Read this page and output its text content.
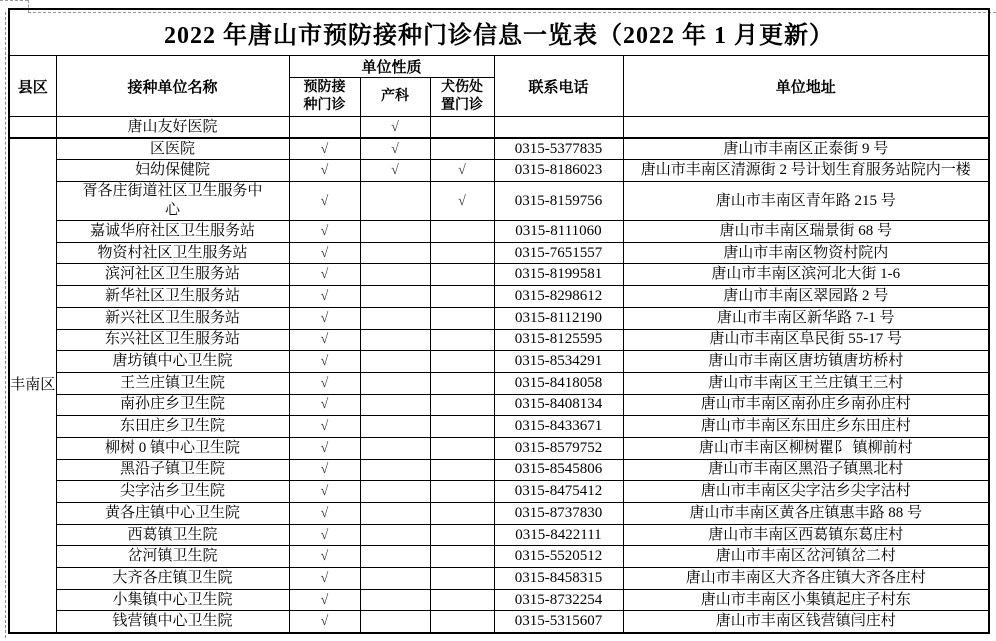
2022 年唐山市预防接种门诊信息一览表（2022 年 1 月更新）						
县区	接种单位名称	单位性质			联系电话	单位地址
		预防接种门诊	产科	犬伤处置门诊		
	唐山友好医院		√			
丰南区	区医院	√	√		0315-5377835	唐山市丰南区正泰街 9 号
	妇幼保健院	√	√	√	0315-8186023	唐山市丰南区清源街 2 号计划生育服务站院内一楼
	胥各庄街道社区卫生服务中心	√		√	0315-8159756	唐山市丰南区青年路 215 号
	嘉诚华府社区卫生服务站	√			0315-8111060	唐山市丰南区瑞景街 68 号
	物资村社区卫生服务站	√			0315-7651557	唐山市丰南区物资村院内
	滨河社区卫生服务站	√			0315-8199581	唐山市丰南区滨河北大街 1-6
	新华社区卫生服务站	√			0315-8298612	唐山市丰南区翠园路 2 号
	新兴社区卫生服务站	√			0315-8112190	唐山市丰南区新华路 7-1 号
	东兴社区卫生服务站	√			0315-8125595	唐山市丰南区阜民街 55-17 号
	唐坊镇中心卫生院	√			0315-8534291	唐山市丰南区唐坊镇唐坊桥村
	王兰庄镇卫生院	√			0315-8418058	唐山市丰南区王兰庄镇王三村
	南孙庄乡卫生院	√			0315-8408134	唐山市丰南区南孙庄乡南孙庄村
	东田庄乡卫生院	√			0315-8433671	唐山市丰南区东田庄乡东田庄村
	柳树 0 镇中心卫生院	√			0315-8579752	唐山市丰南区柳树瞿阝 镇柳前村
	黑沿子镇卫生院	√			0315-8545806	唐山市丰南区黑沿子镇黑北村
	尖字沽乡卫生院	√			0315-8475412	唐山市丰南区尖字沽乡尖字沽村
	黄各庄镇中心卫生院	√			0315-8737830	唐山市丰南区黄各庄镇惠丰路 88 号
	西葛镇卫生院	√			0315-8422111	唐山市丰南区西葛镇东葛庄村
	岔河镇卫生院	√			0315-5520512	唐山市丰南区岔河镇岔二村
	大齐各庄镇卫生院	√			0315-8458315	唐山市丰南区大齐各庄镇大齐各庄村
	小集镇中心卫生院	√			0315-8732254	唐山市丰南区小集镇起庄子村东
	钱营镇中心卫生院	√			0315-5315607	唐山市丰南区钱营镇闫庄村
